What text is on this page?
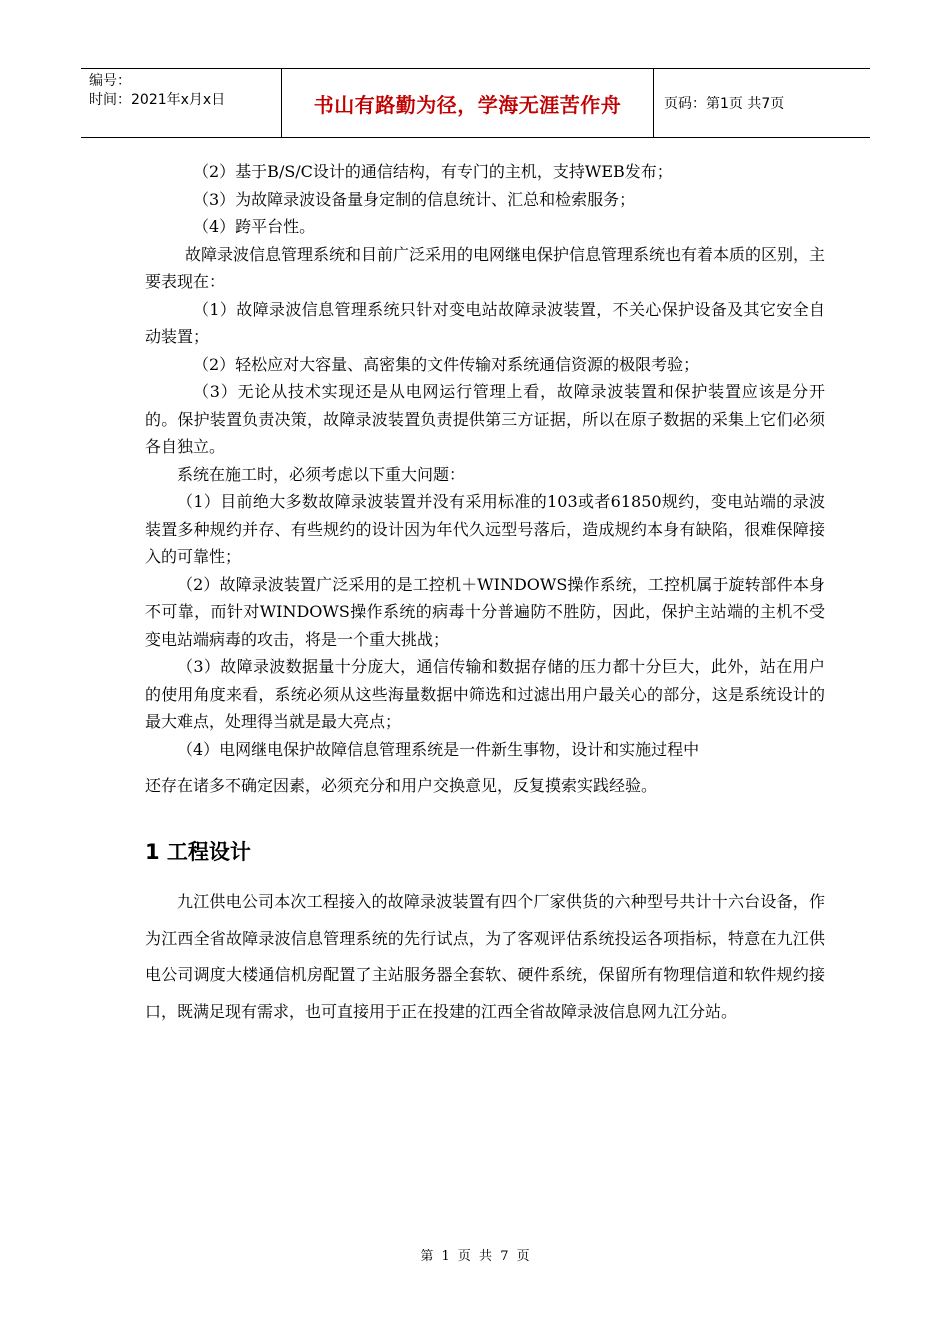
编号：
时间：2021年x月x日	书山有路勤为径，学海无涯苦作舟	页码：第1页 共7页

（2）基于B/S/C设计的通信结构，有专门的主机，支持WEB发布；

（3）为故障录波设备量身定制的信息统计、汇总和检索服务；

（4）跨平台性。

故障录波信息管理系统和目前广泛采用的电网继电保护信息管理系统也有着本质的区别，主要表现在：

（1）故障录波信息管理系统只针对变电站故障录波装置，不关心保护设备及其它安全自动装置；

（2）轻松应对大容量、高密集的文件传输对系统通信资源的极限考验；

（3）无论从技术实现还是从电网运行管理上看，故障录波装置和保护装置应该是分开的。保护装置负责决策，故障录波装置负责提供第三方证据，所以在原子数据的采集上它们必须各自独立。

系统在施工时，必须考虑以下重大问题：

（1）目前绝大多数故障录波装置并没有采用标准的103或者61850规约，变电站端的录波装置多种规约并存、有些规约的设计因为年代久远型号落后，造成规约本身有缺陷，很难保障接入的可靠性；

（2）故障录波装置广泛采用的是工控机＋WINDOWS操作系统，工控机属于旋转部件本身不可靠，而针对WINDOWS操作系统的病毒十分普遍防不胜防，因此，保护主站端的主机不受变电站端病毒的攻击，将是一个重大挑战；

（3）故障录波数据量十分庞大，通信传输和数据存储的压力都十分巨大，此外，站在用户的使用角度来看，系统必须从这些海量数据中筛选和过滤出用户最关心的部分，这是系统设计的最大难点，处理得当就是最大亮点；

（4）电网继电保护故障信息管理系统是一件新生事物，设计和实施过程中

还存在诸多不确定因素，必须充分和用户交换意见，反复摸索实践经验。

1 工程设计

九江供电公司本次工程接入的故障录波装置有四个厂家供货的六种型号共计十六台设备，作为江西全省故障录波信息管理系统的先行试点，为了客观评估系统投运各项指标，特意在九江供电公司调度大楼通信机房配置了主站服务器全套软、硬件系统，保留所有物理信道和软件规约接口，既满足现有需求，也可直接用于正在投建的江西全省故障录波信息网九江分站。

第 1 页 共 7 页
